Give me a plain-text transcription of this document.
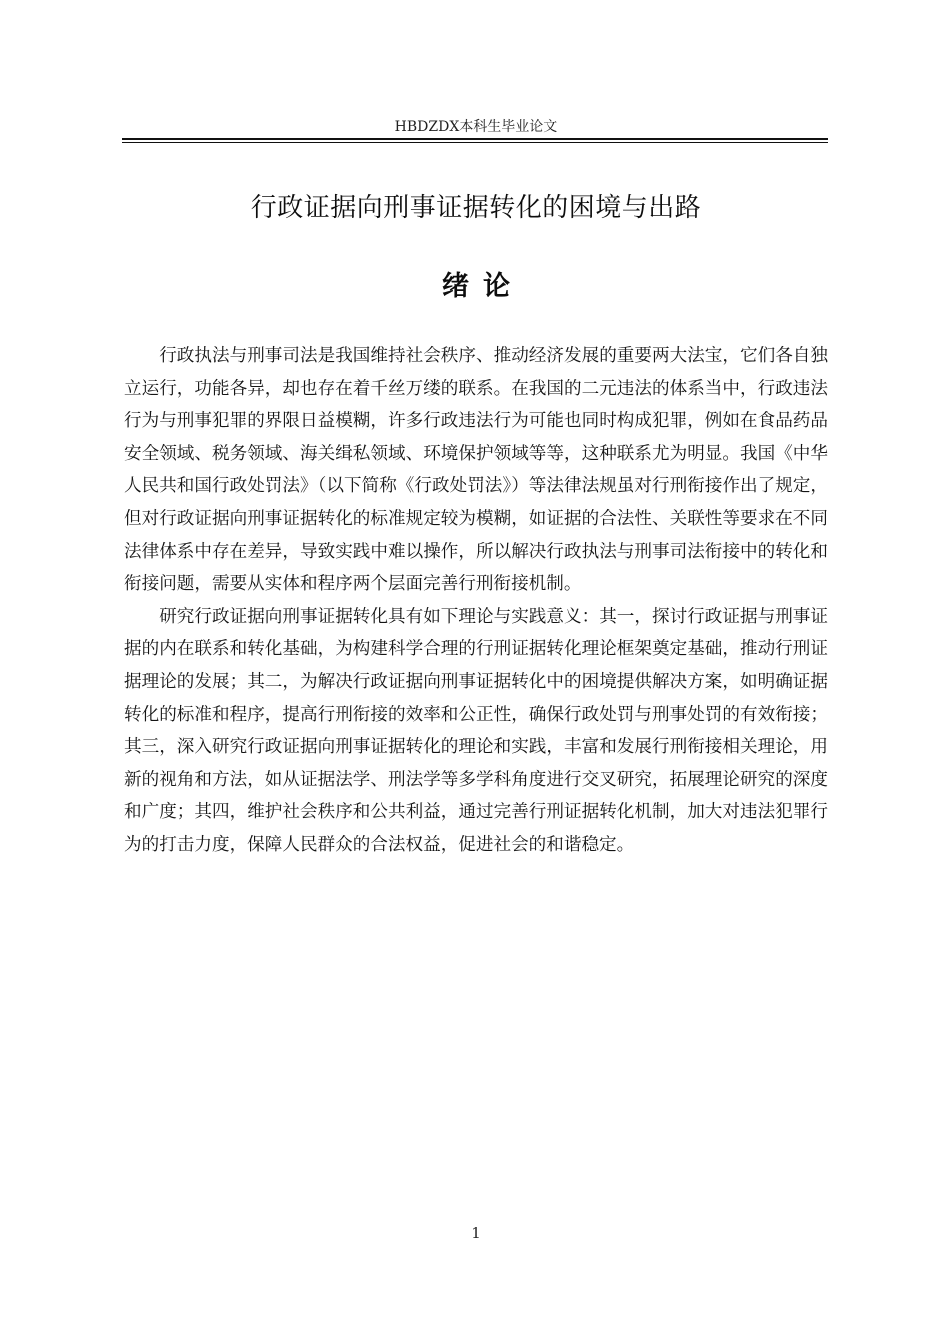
HBDZDX本科生毕业论文
行政证据向刑事证据转化的困境与出路
绪论

行政执法与刑事司法是我国维持社会秩序、推动经济发展的重要两大法宝，它们各自独立运行，功能各异，却也存在着千丝万缕的联系。在我国的二元违法的体系当中，行政违法行为与刑事犯罪的界限日益模糊，许多行政违法行为可能也同时构成犯罪，例如在食品药品安全领域、税务领域、海关缉私领域、环境保护领域等等，这种联系尤为明显。我国《中华人民共和国行政处罚法》（以下简称《行政处罚法》）等法律法规虽对行刑衔接作出了规定，但对行政证据向刑事证据转化的标准规定较为模糊，如证据的合法性、关联性等要求在不同法律体系中存在差异，导致实践中难以操作，所以解决行政执法与刑事司法衔接中的转化和衔接问题，需要从实体和程序两个层面完善行刑衔接机制。

研究行政证据向刑事证据转化具有如下理论与实践意义：其一，探讨行政证据与刑事证据的内在联系和转化基础，为构建科学合理的行刑证据转化理论框架奠定基础，推动行刑证据理论的发展；其二，为解决行政证据向刑事证据转化中的困境提供解决方案，如明确证据转化的标准和程序，提高行刑衔接的效率和公正性，确保行政处罚与刑事处罚的有效衔接；其三，深入研究行政证据向刑事证据转化的理论和实践，丰富和发展行刑衔接相关理论，用新的视角和方法，如从证据法学、刑法学等多学科角度进行交叉研究，拓展理论研究的深度和广度；其四，维护社会秩序和公共利益，通过完善行刑证据转化机制，加大对违法犯罪行为的打击力度，保障人民群众的合法权益，促进社会的和谐稳定。

1
